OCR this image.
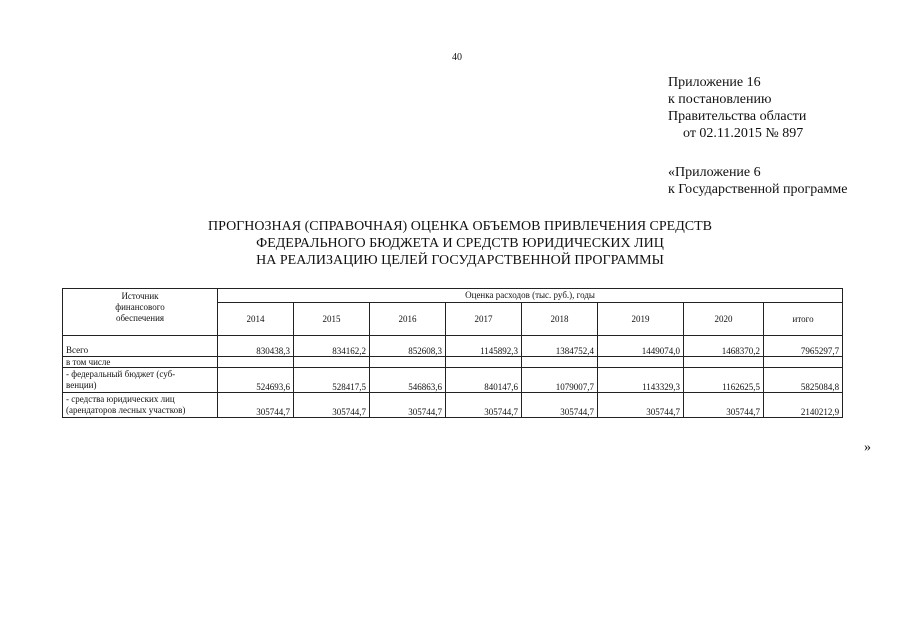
40
Приложение 16
к постановлению
Правительства области
от 02.11.2015 № 897
«Приложение 6
к Государственной программе
ПРОГНОЗНАЯ (СПРАВОЧНАЯ) ОЦЕНКА ОБЪЕМОВ ПРИВЛЕЧЕНИЯ СРЕДСТВ
ФЕДЕРАЛЬНОГО БЮДЖЕТА И СРЕДСТВ ЮРИДИЧЕСКИХ ЛИЦ
НА РЕАЛИЗАЦИЮ ЦЕЛЕЙ ГОСУДАРСТВЕННОЙ ПРОГРАММЫ
Источник
финансового
обеспечения	Оценка расходов (тыс. руб.), годы							
	2014	2015	2016	2017	2018	2019	2020	итого
Всего	830438,3	834162,2	852608,3	1145892,3	1384752,4	1449074,0	1468370,2	7965297,7
в том числе								

- федеральный бюджет (суб-
венции)	524693,6	528417,5	546863,6	840147,6	1079007,7	1143329,3	1162625,5	5825084,8

- средства юридических лиц
(арендаторов лесных участков)	305744,7	305744,7	305744,7	305744,7	305744,7	305744,7	305744,7	2140212,9
»
